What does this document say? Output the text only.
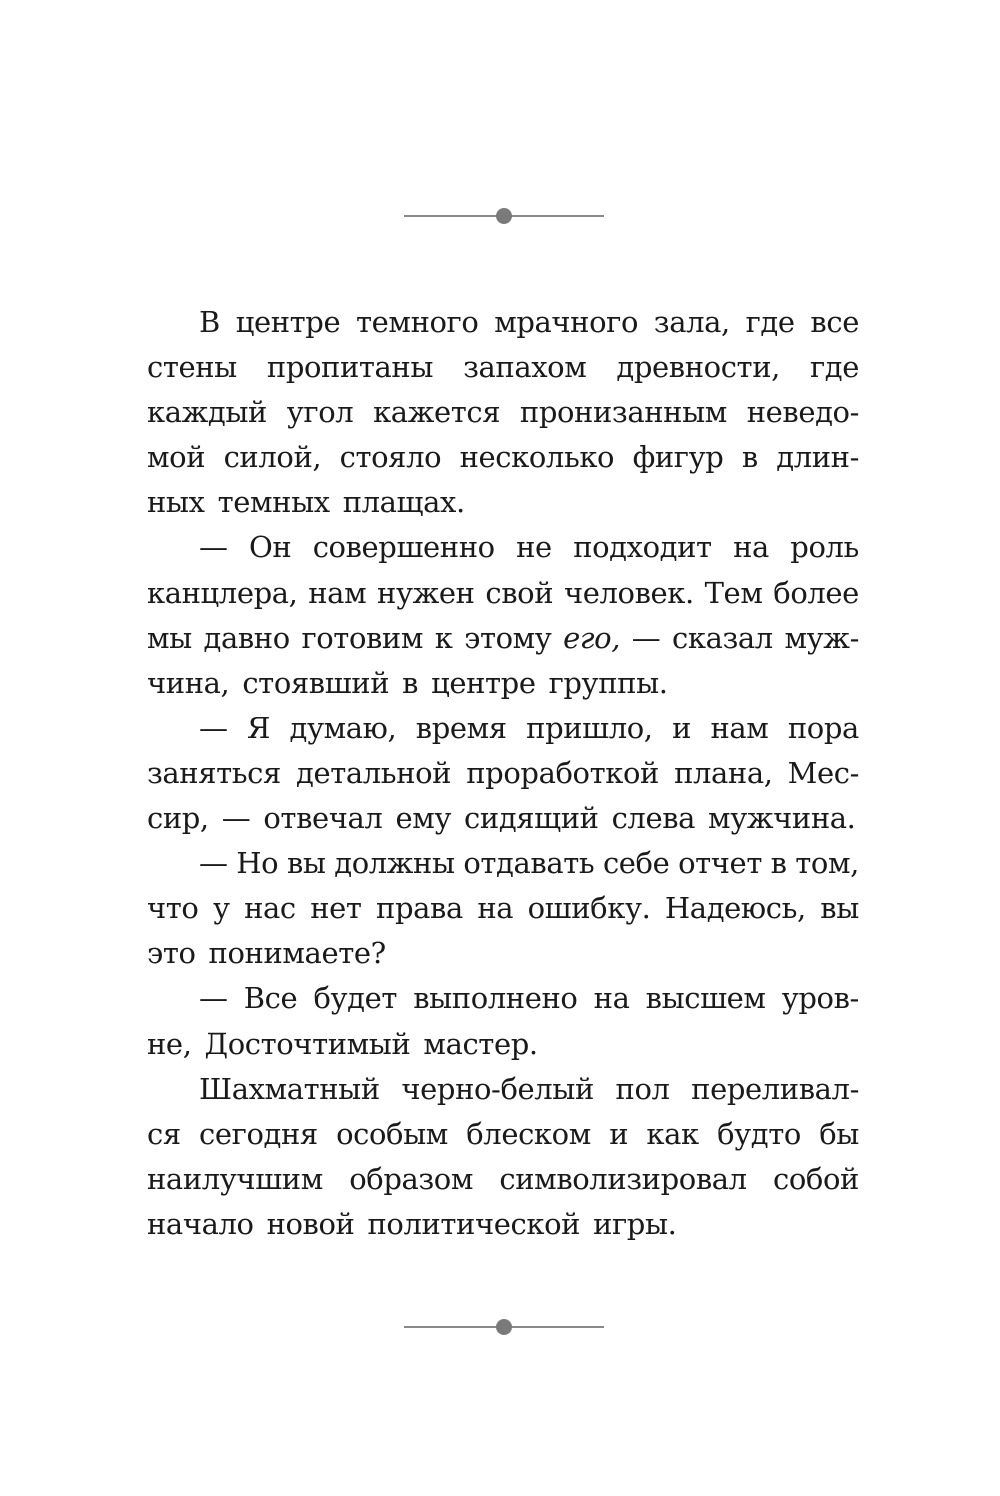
В центре темного мрачного зала, где все
стены пропитаны запахом древности, где
каждый угол кажется пронизанным неведо-
мой силой, стояло несколько фигур в длин-
ных темных плащах.
— Он совершенно не подходит на роль
канцлера, нам нужен свой человек. Тем более
мы давно готовим к этому его, — сказал муж-
чина, стоявший в центре группы.
— Я думаю, время пришло, и нам пора
заняться детальной проработкой плана, Мес-
сир, — отвечал ему сидящий слева мужчина.
— Но вы должны отдавать себе отчет в том,
что у нас нет права на ошибку. Надеюсь, вы
это понимаете?
— Все будет выполнено на высшем уров-
не, Досточтимый мастер.
Шахматный черно-белый пол переливал-
ся сегодня особым блеском и как будто бы
наилучшим образом символизировал собой
начало новой политической игры.
